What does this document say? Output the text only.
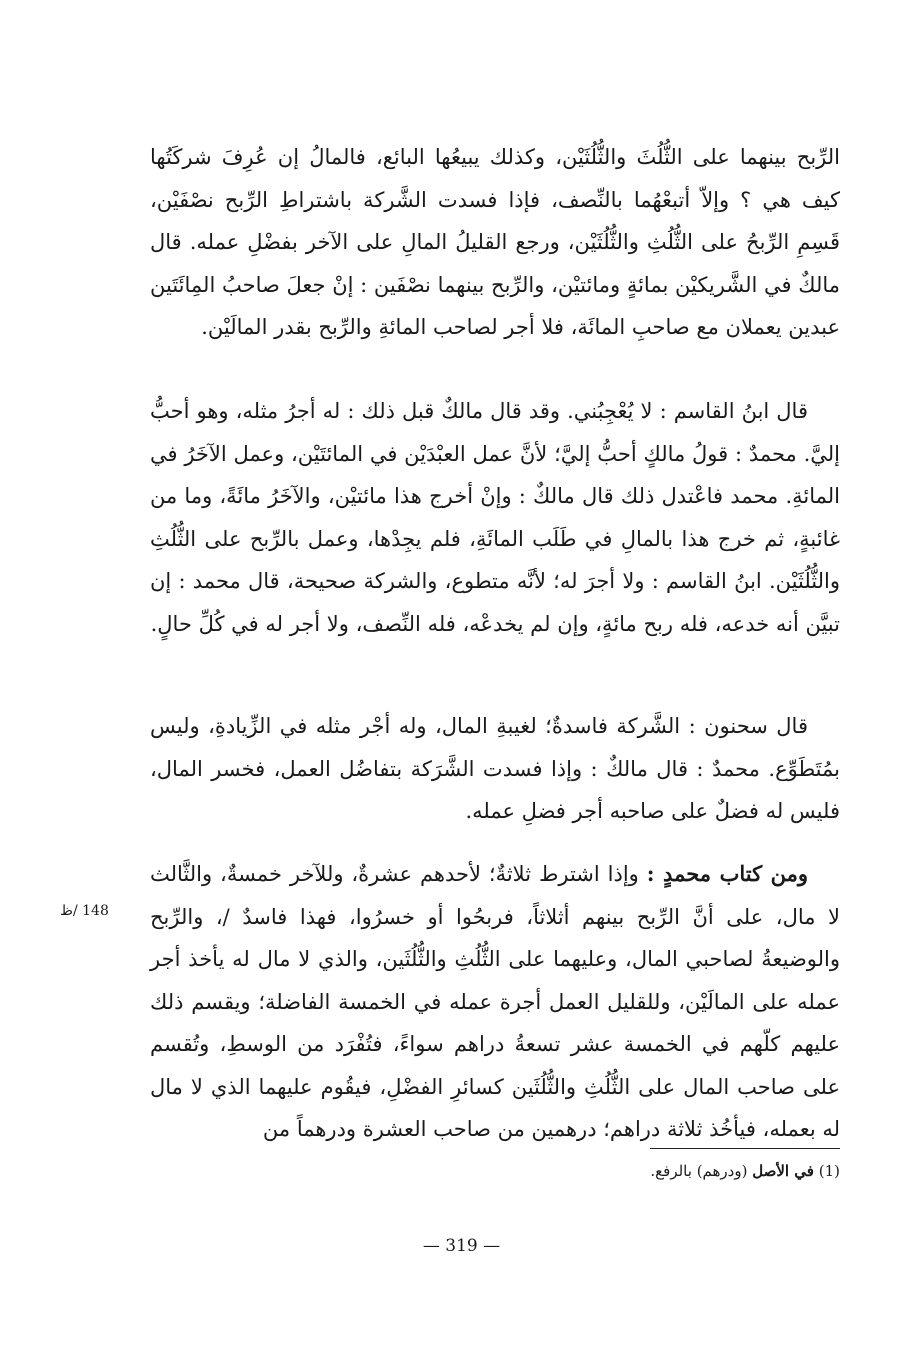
الرِّبح بينهما على الثُّلُثَ والثُّلُثَيْن، وكذلك يبيعُها البائع، فالمالُ إن عُرِفَ شركَتُها كيف هي ؟ وإلاّ أتبعْهُما بالنِّصف، فإذا فسدت الشَّركة باشتراطِ الرِّبح نصْفَيْن، قَسِمِ الرِّبحُ على الثُّلُثِ والثُّلُثَيْن، ورجع القليلُ المالِ على الآخر بفضْلِ عمله. قال مالكٌ في الشَّريكيْن بمائةٍ ومائتيْن، والرِّبح بينهما نصْفَين : إنْ جعلَ صاحبُ المِائَتَين عبدين يعملان مع صاحبِ المائَة، فلا أجر لصاحب المائةِ والرِّبح بقدر المالَيْن.

قال ابنُ القاسم : لا يُعْجِبُني. وقد قال مالكٌ قبل ذلك : له أجرُ مثله، وهو أحبُّ إليَّ. محمدٌ : قولُ مالكٍ أحبُّ إليَّ؛ لأنَّ عمل العبْدَيْن في المائتَيْن، وعمل الآخَرُ في المائةِ. محمد فاعْتدل ذلك قال مالكٌ : وإنْ أخرج هذا مائتيْن، والآخَرُ مائَةً، وما من غائبةٍ، ثم خرج هذا بالمالِ في طَلَب المائَةِ، فلم يجِدْها، وعمل بالرِّبح على الثُّلُثِ والثُّلُثَيْن. ابنُ القاسم : ولا أجرَ له؛ لأنَّه متطوع، والشركة صحيحة، قال محمد : إن تبيَّن أنه خدعه، فله ربح مائةٍ، وإن لم يخدعْه، فله النِّصف، ولا أجر له في كُلِّ حالٍ.

قال سحنون : الشَّركة فاسدةٌ؛ لغيبةِ المال، وله أجْر مثله في الزِّيادةِ، وليس بمُتَطَوِّع. محمدٌ : قال مالكٌ : وإذا فسدت الشَّرَكة بتفاضُل العمل، فخسر المال، فليس له فضلٌ على صاحبه أجر فضلِ عمله.

ومن كتاب محمدٍ : وإذا اشترط ثلاثةٌ؛ لأحدهم عشرةٌ، وللآخر خمسةٌ، والثَّالث لا مال، على أنَّ الرِّبح بينهم أثلاثاً، فربحُوا أو خسرُوا، فهذا فاسدٌ /، والرِّبح والوضيعةُ لصاحبي المال، وعليهما على الثُّلُثِ والثُّلُثَين، والذي لا مال له يأخذ أجر عمله على المالَيْن، وللقليل العمل أجرة عمله في الخمسة الفاضلة؛ ويقسم ذلك عليهم كلّهم في الخمسة عشر تسعةُ دراهم سواءً، فتُفْرَد من الوسطِ، وتُقسم على صاحب المال على الثُّلُثِ والثُّلُثَين كسائرِ الفضْلِ، فيقُوم عليهما الذي لا مال له بعمله، فيأخُذ ثلاثة دراهم؛ درهمين من صاحب العشرة ودرهماً من

148 /ظ
(1) في الأصل (ودرهم) بالرفع.
— 319 —
